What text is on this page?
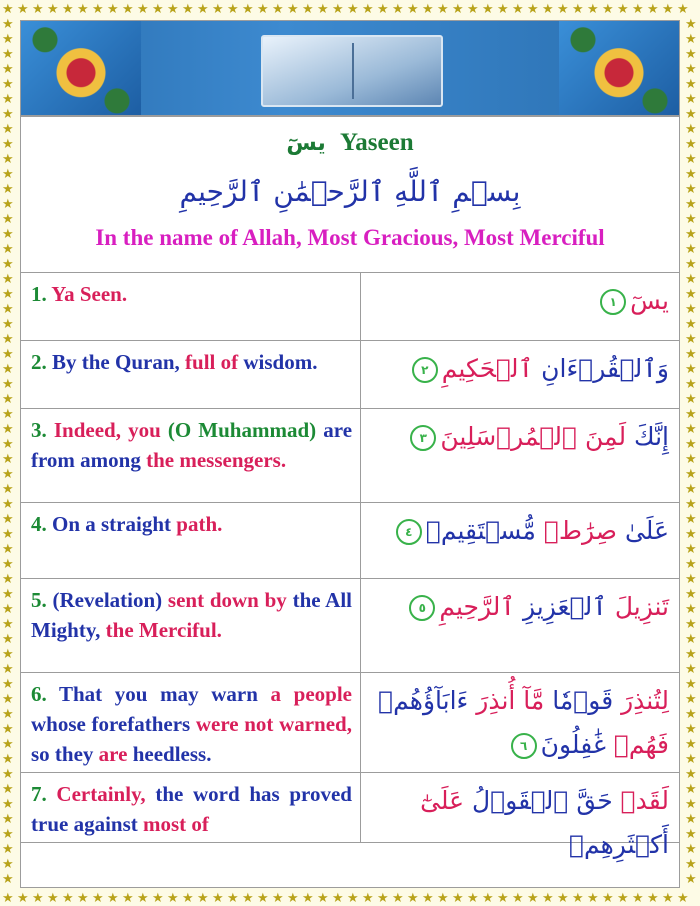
★
★
★
★
★
★
★
★
★
★
★
★
★
★
★
★
★
★
★
★
★
★
★
★
★
★
★
★
★
★
★
★
★
★
★
★
★
★
★
★
★
★
★
★
★
★
★
★
★
★
★
★
★
★
★
★
★
★
★
★
★
★
★
★
★
★
★
★
★
★
★
★
★
★
★
★
★
★
★
★
★
★
★
★
★
★
★
★
★
★
★
★
★	★
★	★
★	★
★	★
★	★
★	★
★	★
★	★
★	★
★	★
★	★
★	★
★	★
★	★
★	★
★	★
★	★
★	★
★	★
★	★
★	★
★	★
★	★
★	★
★	★
★	★
★	★
★	★
★	★
★	★
★	★
★	★
★	★
★	★
★	★
★	★
★	★
★	★
★	★
★	★
★	★
★	★
★	★
★	★
★	★
★	★
★	★
★	★
★	★
★	★
★	★
★	★
★	★
★	★
★	★
★	★
★	★
★	★
يسٓ Yaseen
بِسۡمِ ٱللَّهِ ٱلرَّحۡمَٰنِ ٱلرَّحِيمِ
In the name of Allah, Most Gracious, Most Merciful
1. Ya Seen.	يسٓ١
2. By the Quran, full of wisdom.	وَٱلۡقُرۡءَانِ ٱلۡحَكِيمِ٢
3. Indeed, you (O Muhammad) are from among the messengers.
إِنَّكَ لَمِنَ ٱلۡمُرۡسَلِينَ٣
4. On a straight path.	عَلَىٰ صِرَٰطٖ مُّسۡتَقِيمٖ٤
5. (Revelation) sent down by the All Mighty, the Merciful.
تَنزِيلَ ٱلۡعَزِيزِ ٱلرَّحِيمِ٥
6. That you may warn a people whose forefathers were not warned, so they are heedless.
لِتُنذِرَ قَوۡمٗا مَّآ أُنذِرَ ءَابَآؤُهُمۡ فَهُمۡ غَٰفِلُونَ٦
7. Certainly, the word has proved true against most of
لَقَدۡ حَقَّ ٱلۡقَوۡلُ عَلَىٰٓ أَكۡثَرِهِمۡ
